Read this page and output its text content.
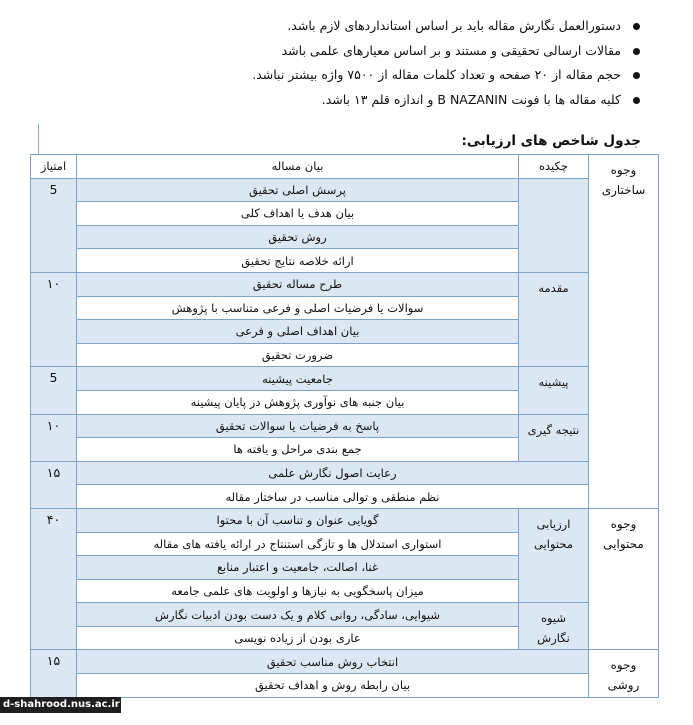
دستورالعمل نگارش مقاله باید بر اساس استانداردهای لازم باشد.
مقالات ارسالی تحقیقی و مستند و بر اساس معیارهای علمی باشد
حجم مقاله از ۲۰ صفحه و تعداد کلمات مقاله از ۷۵۰۰ واژه بیشتر نباشد.
کلیه مقاله ها با فونت B NAZANIN و اندازه قلم ۱۳ باشد.
جدول شاخص های ارزیابی:
وجوه
ساختاری	چکیده	بیان مساله	امتیاز
		پرسش اصلی تحقیق	5
		بیان هدف یا اهداف کلی	
		روش تحقیق	
		ارائه خلاصه نتایج تحقیق	
	مقدمه	طرح مساله تحقیق	۱۰
		سوالات یا فرضیات اصلی و فرعی متناسب با پژوهش	
		بیان اهداف اصلی و فرعی	
		ضرورت تحقیق	
	پیشینه	جامعیت پیشینه	5
		بیان جنبه های نوآوری پژوهش در پایان پیشینه	
	نتیجه گیری	پاسخ به فرضیات یا سوالات تحقیق	۱۰
		جمع بندی مراحل و یافته ها	
	رعایت اصول نگارش علمی		۱۵
	نظم منطقی و توالی مناسب در ساختار مقاله		
وجوه محتوایی	ارزیابی محتوایی	گویایی عنوان و تناسب آن با محتوا	۴۰
		استواری استدلال ها و تازگی استنتاج در ارائه یافته های مقاله	
		غنا، اصالت، جامعیت و اعتبار منابع	
		میزان پاسخگویی به نیازها و اولویت های علمی جامعه	
	شیوه نگارش	شیوایی، سادگی، روانی کلام و یک دست بودن ادبیات نگارش	
		عاری بودن از زیاده نویسی	
وجوه روشی	انتخاب روش مناسب تحقیق		۱۵
	بیان رابطه روش و اهداف تحقیق		
d-shahrood.nus.ac.ir
